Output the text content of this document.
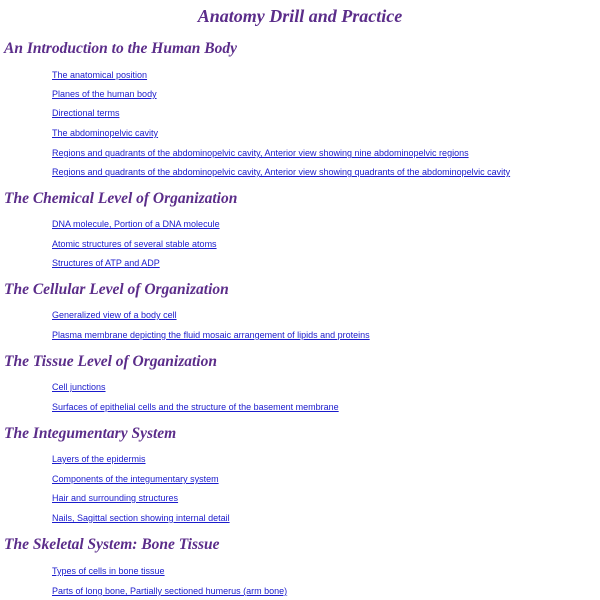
Anatomy Drill and Practice
An Introduction to the Human Body
The anatomical position
Planes of the human body
Directional terms
The abdominopelvic cavity
Regions and quadrants of the abdominopelvic cavity, Anterior view showing nine abdominopelvic regions
Regions and quadrants of the abdominopelvic cavity, Anterior view showing quadrants of the abdominopelvic cavity
The Chemical Level of Organization
DNA molecule, Portion of a DNA molecule
Atomic structures of several stable atoms
Structures of ATP and ADP
The Cellular Level of Organization
Generalized view of a body cell
Plasma membrane depicting the fluid mosaic arrangement of lipids and proteins
The Tissue Level of Organization
Cell junctions
Surfaces of epithelial cells and the structure of the basement membrane
The Integumentary System
Layers of the epidermis
Components of the integumentary system
Hair and surrounding structures
Nails, Sagittal section showing internal detail
The Skeletal System: Bone Tissue
Types of cells in bone tissue
Parts of long bone, Partially sectioned humerus (arm bone)
